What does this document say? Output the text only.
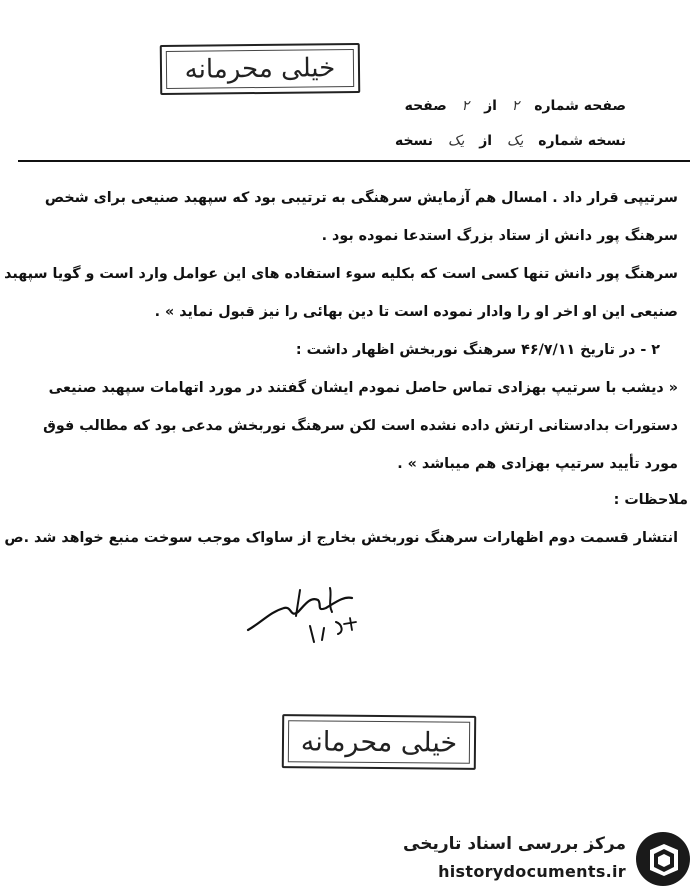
خیلی محرمانه
صفحه شماره ۲ از ۲ صفحه
نسخه شماره یک از یک نسخه
سرتیپی قرار داد . امسال هم آزمایش سرهنگی به ترتیبی بود که سپهبد صنیعی برای شخص
سرهنگ پور دانش از ستاد بزرگ استدعا نموده بود .
سرهنگ پور دانش تنها کسی است که بکلیه سوء استفاده های این عوامل وارد است و گویا سپهبد
صنیعی این او اخر او را وادار نموده است تا دین بهائی را نیز قبول نماید » .
۲ - در تاریخ ۴۶/۷/۱۱ سرهنگ نوربخش اظهار داشت :
« دیشب با سرتیپ بهزادی تماس حاصل نمودم ایشان گفتند در مورد اتهامات سپهبد صنیعی
دستورات بدادستانی ارتش داده نشده است لکن سرهنگ نوربخش مدعی بود که مطالب فوق
مورد تأیید سرتیپ بهزادی هم میباشد » .
ملاحظات :
انتشار قسمت دوم اظهارات سرهنگ نوربخش بخارج از ساواک موجب سوخت منبع خواهد شد .ص
خیلی محرمانه
مرکز بررسی اسناد تاریخی
historydocuments.ir
